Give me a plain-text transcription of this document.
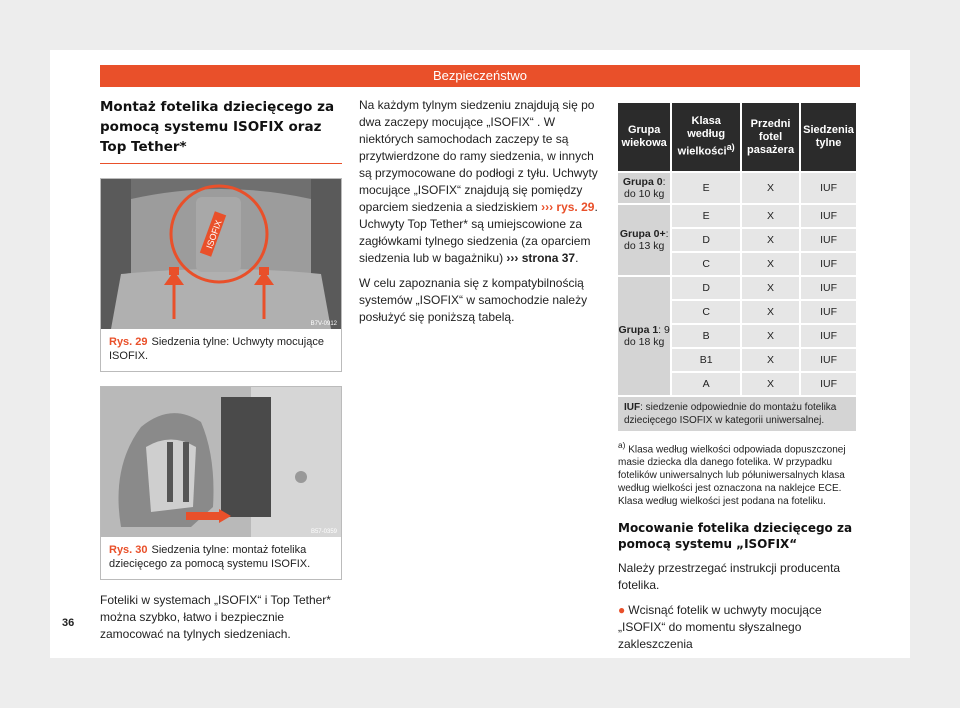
Bezpieczeństwo
Montaż fotelika dziecięcego za pomocą systemu ISOFIX oraz Top Tether*
ISOFIX
B7V-0912
Rys. 29 Siedzenia tylne: Uchwyty mocujące ISOFIX.
B57-0359
Rys. 30 Siedzenia tylne: montaż fotelika dziecięcego za pomocą systemu ISOFIX.

Foteliki w systemach „ISOFIX“ i Top Tether* można szybko, łatwo i bezpiecznie zamocować na tylnych siedzeniach.

Na każdym tylnym siedzeniu znajdują się po dwa zaczepy mocujące „ISOFIX“ . W niektórych samochodach zaczepy te są przytwierdzone do ramy siedzenia, w innych są przymocowane do podłogi z tyłu. Uchwyty mocujące „ISOFIX“ znajdują się pomiędzy oparciem siedzenia a siedziskiem ››› rys. 29. Uchwyty Top Tether* są umiejscowione za zagłówkami tylnego siedzenia (za oparciem siedzenia lub w bagażniku) ››› strona 37.

W celu zapoznania się z kompatybilnością systemów „ISOFIX“ w samochodzie należy posłużyć się poniższą tabelą.

Grupa wiekowa	Klasa według wielkości$^{a)}$	Przedni fotel pasażera	Siedzenia tylne
Grupa 0: do 10 kg	E	X	IUF
Grupa 0+: do 13 kg	E	X	IUF
	D	X	IUF
	C	X	IUF
Grupa 1: 9 do 18 kg	D	X	IUF
	C	X	IUF
	B	X	IUF
	B1	X	IUF
	A	X	IUF
IUF: siedzenie odpowiednie do montażu fotelika dziecięcego ISOFIX w kategorii uniwersalnej.			

$^{a)}$ Klasa według wielkości odpowiada dopuszczonej masie dziecka dla danego fotelika. W przypadku fotelików uniwersalnych lub półuniwersalnych klasa według wielkości jest oznaczona na naklejce ECE. Klasa według wielkości jest podana na foteliku.

Mocowanie fotelika dziecięcego za pomocą systemu „ISOFIX“

Należy przestrzegać instrukcji producenta fotelika.

● Wcisnąć fotelik w uchwyty mocujące „ISOFIX“ do momentu słyszalnego zakleszczenia

36
